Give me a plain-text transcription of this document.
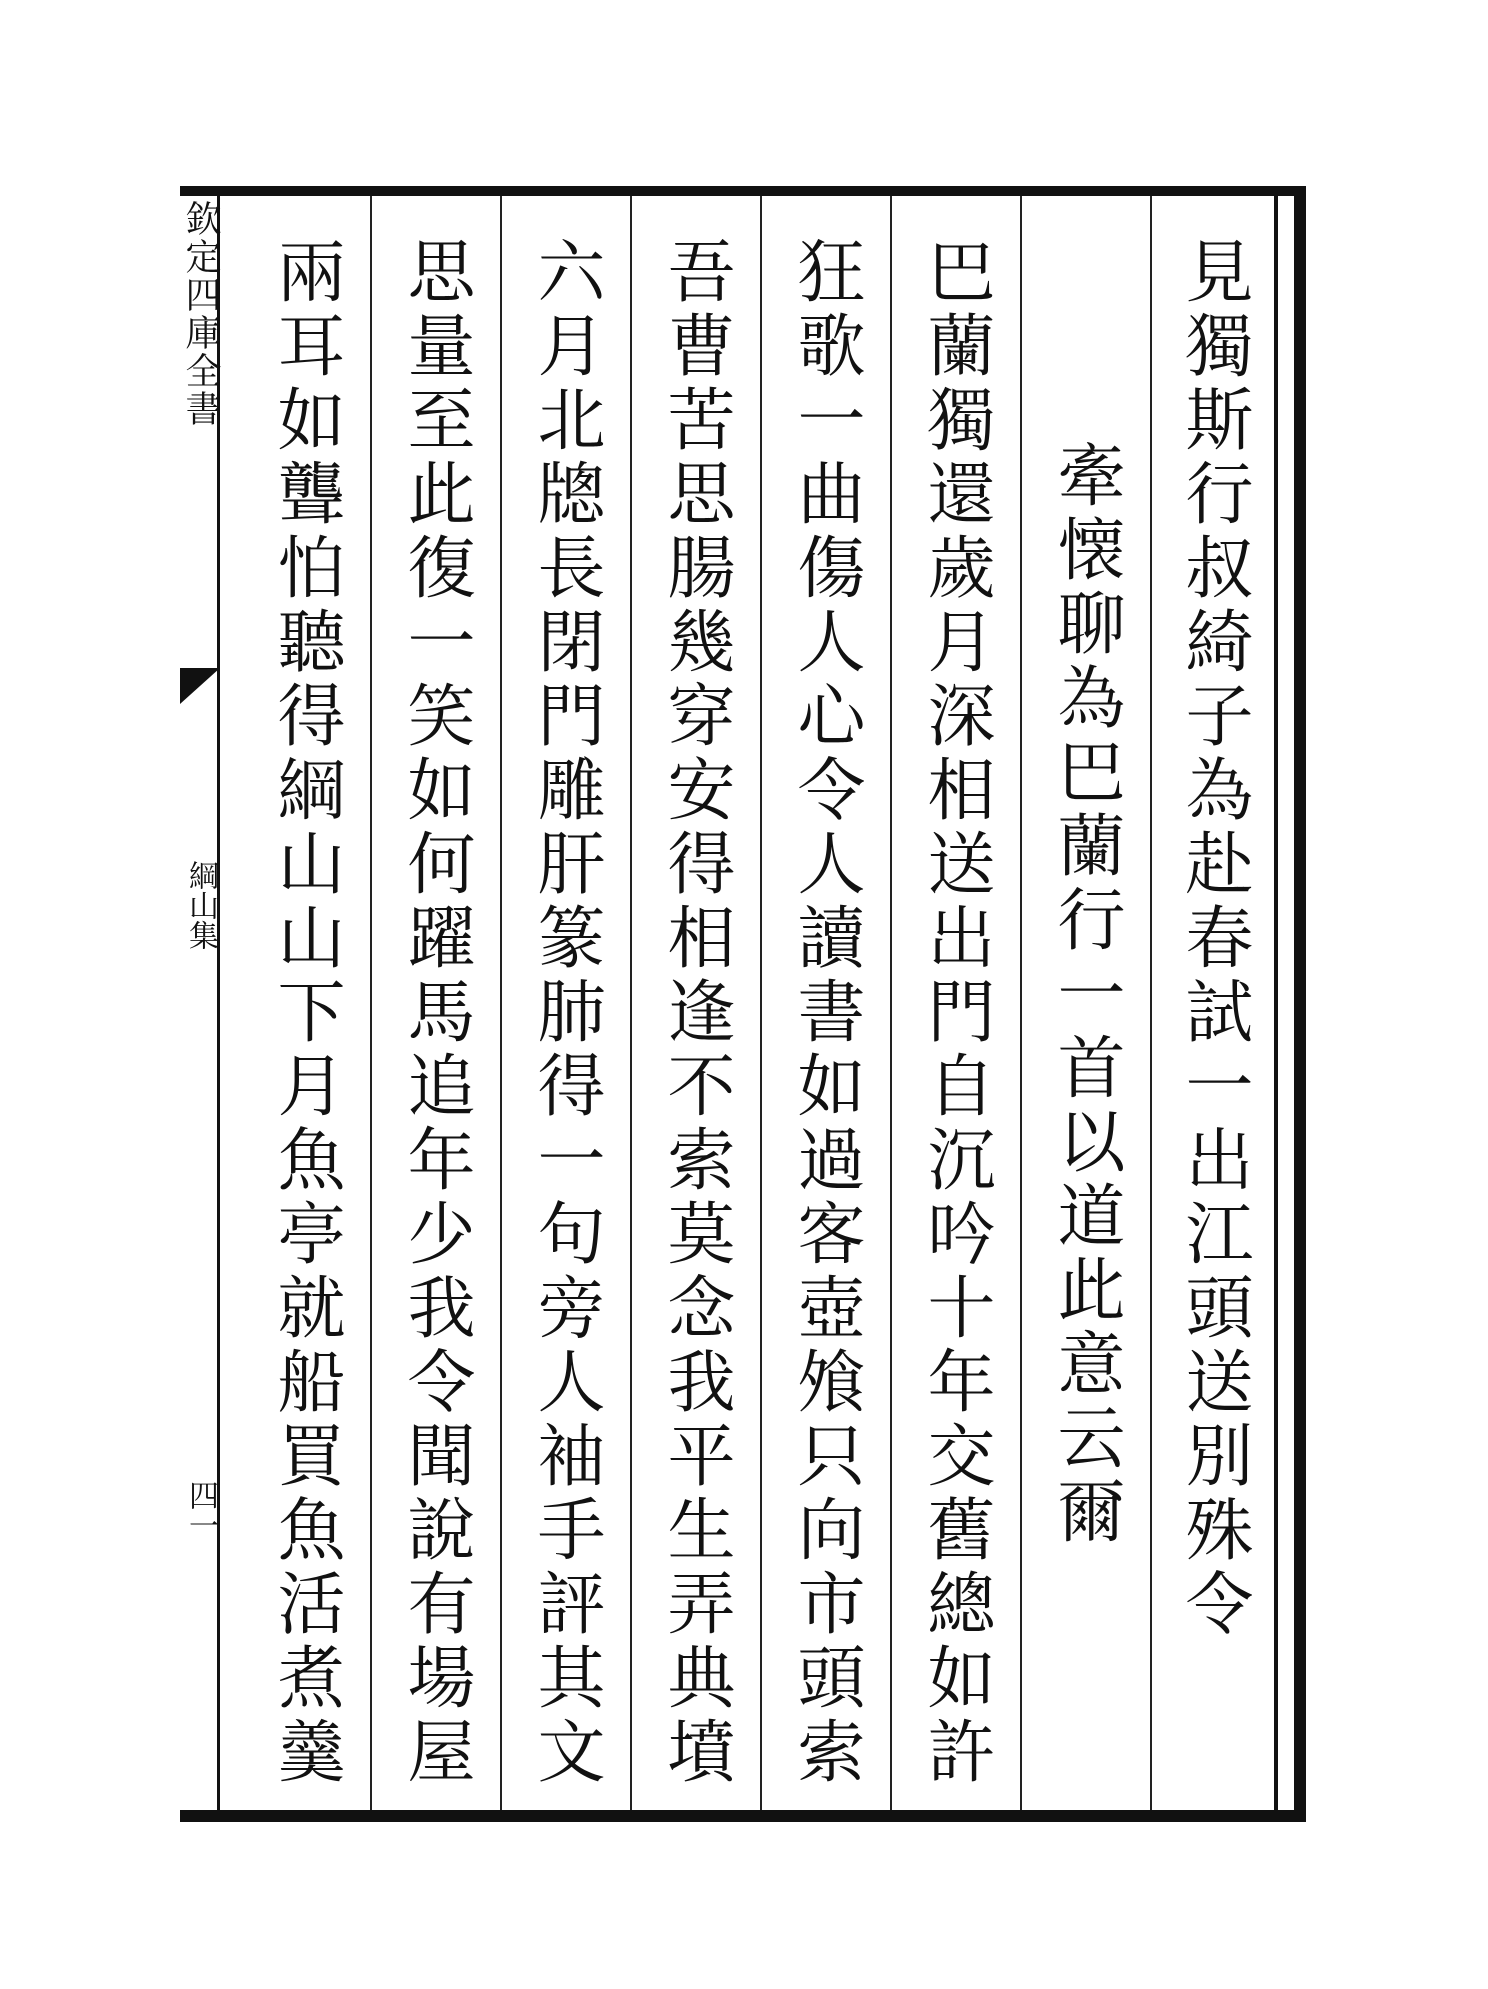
欽定四庫全書
綱山集
四一	見獨斯行叔綺子為赴春試一出江頭送別殊令
牽懐聊為巴蘭行一首以道此意云爾
巴蘭獨還歲月深相送出門自沉吟十年交舊總如許
狂歌一曲傷人心令人讀書如過客壺飧只向市頭索
吾曹苦思腸幾穿安得相逢不索莫念我平生弄典墳
六月北牕長閉門雕肝篆肺得一句旁人袖手評其文
思量至此復一笑如何躍馬追年少我令聞說有場屋
兩耳如聾怕聽得綱山山下月魚亭就船買魚活煮羹
